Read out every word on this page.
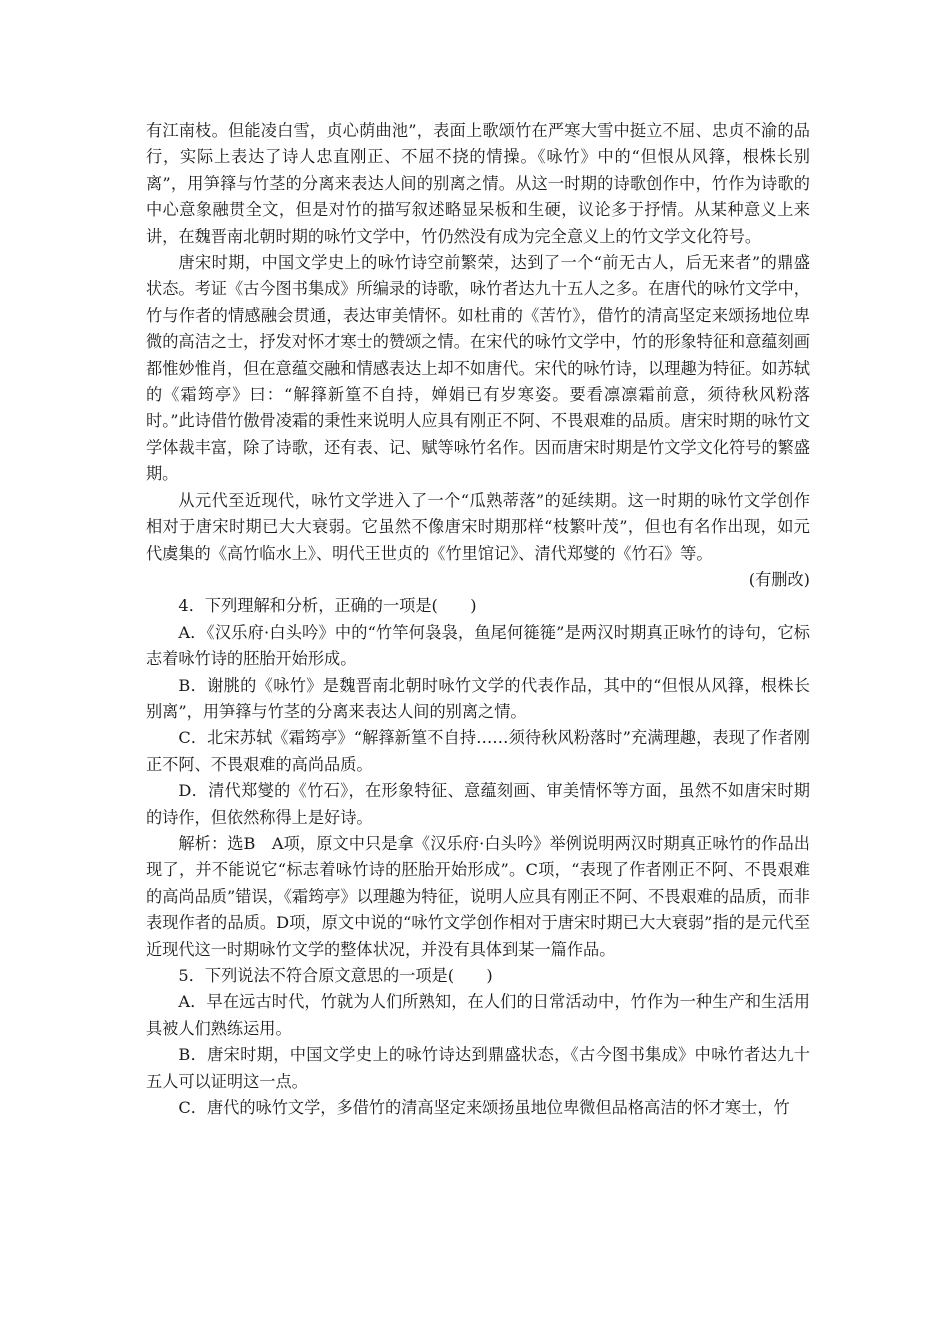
有江南枝。但能凌白雪，贞心荫曲池”，表面上歌颂竹在严寒大雪中挺立不屈、忠贞不渝的品行，实际上表达了诗人忠直刚正、不屈不挠的情操。《咏竹》中的“但恨从风箨，根株长别离”，用笋箨与竹茎的分离来表达人间的别离之情。从这一时期的诗歌创作中，竹作为诗歌的中心意象融贯全文，但是对竹的描写叙述略显呆板和生硬，议论多于抒情。从某种意义上来讲，在魏晋南北朝时期的咏竹文学中，竹仍然没有成为完全意义上的竹文学文化符号。

唐宋时期，中国文学史上的咏竹诗空前繁荣，达到了一个“前无古人，后无来者”的鼎盛状态。考证《古今图书集成》所编录的诗歌，咏竹者达九十五人之多。在唐代的咏竹文学中，竹与作者的情感融会贯通，表达审美情怀。如杜甫的《苦竹》，借竹的清高坚定来颂扬地位卑微的高洁之士，抒发对怀才寒士的赞颂之情。在宋代的咏竹文学中，竹的形象特征和意蕴刻画都惟妙惟肖，但在意蕴交融和情感表达上却不如唐代。宋代的咏竹诗，以理趣为特征。如苏轼的《霜筠亭》曰：“解箨新篁不自持，婵娟已有岁寒姿。要看凛凛霜前意，须待秋风粉落时。”此诗借竹傲骨凌霜的秉性来说明人应具有刚正不阿、不畏艰难的品质。唐宋时期的咏竹文学体裁丰富，除了诗歌，还有表、记、赋等咏竹名作。因而唐宋时期是竹文学文化符号的繁盛期。

从元代至近现代，咏竹文学进入了一个“瓜熟蒂落”的延续期。这一时期的咏竹文学创作相对于唐宋时期已大大衰弱。它虽然不像唐宋时期那样“枝繁叶茂”，但也有名作出现，如元代虞集的《高竹临水上》、明代王世贞的《竹里馆记》、清代郑燮的《竹石》等。

(有删改)

4．下列理解和分析，正确的一项是(　　)

A．《汉乐府·白头吟》中的“竹竿何袅袅，鱼尾何簁簁”是两汉时期真正咏竹的诗句，它标志着咏竹诗的胚胎开始形成。

B．谢朓的《咏竹》是魏晋南北朝时咏竹文学的代表作品，其中的“但恨从风箨，根株长别离”，用笋箨与竹茎的分离来表达人间的别离之情。

C．北宋苏轼《霜筠亭》“解箨新篁不自持……须待秋风粉落时”充满理趣，表现了作者刚正不阿、不畏艰难的高尚品质。

D．清代郑燮的《竹石》，在形象特征、意蕴刻画、审美情怀等方面，虽然不如唐宋时期的诗作，但依然称得上是好诗。

解析：选B　A项，原文中只是拿《汉乐府·白头吟》举例说明两汉时期真正咏竹的作品出现了，并不能说它“标志着咏竹诗的胚胎开始形成”。C项，“表现了作者刚正不阿、不畏艰难的高尚品质”错误，《霜筠亭》以理趣为特征，说明人应具有刚正不阿、不畏艰难的品质，而非表现作者的品质。D项，原文中说的“咏竹文学创作相对于唐宋时期已大大衰弱”指的是元代至近现代这一时期咏竹文学的整体状况，并没有具体到某一篇作品。

5．下列说法不符合原文意思的一项是(　　)

A．早在远古时代，竹就为人们所熟知，在人们的日常活动中，竹作为一种生产和生活用具被人们熟练运用。

B．唐宋时期，中国文学史上的咏竹诗达到鼎盛状态，《古今图书集成》中咏竹者达九十五人可以证明这一点。

C．唐代的咏竹文学，多借竹的清高坚定来颂扬虽地位卑微但品格高洁的怀才寒士，竹
